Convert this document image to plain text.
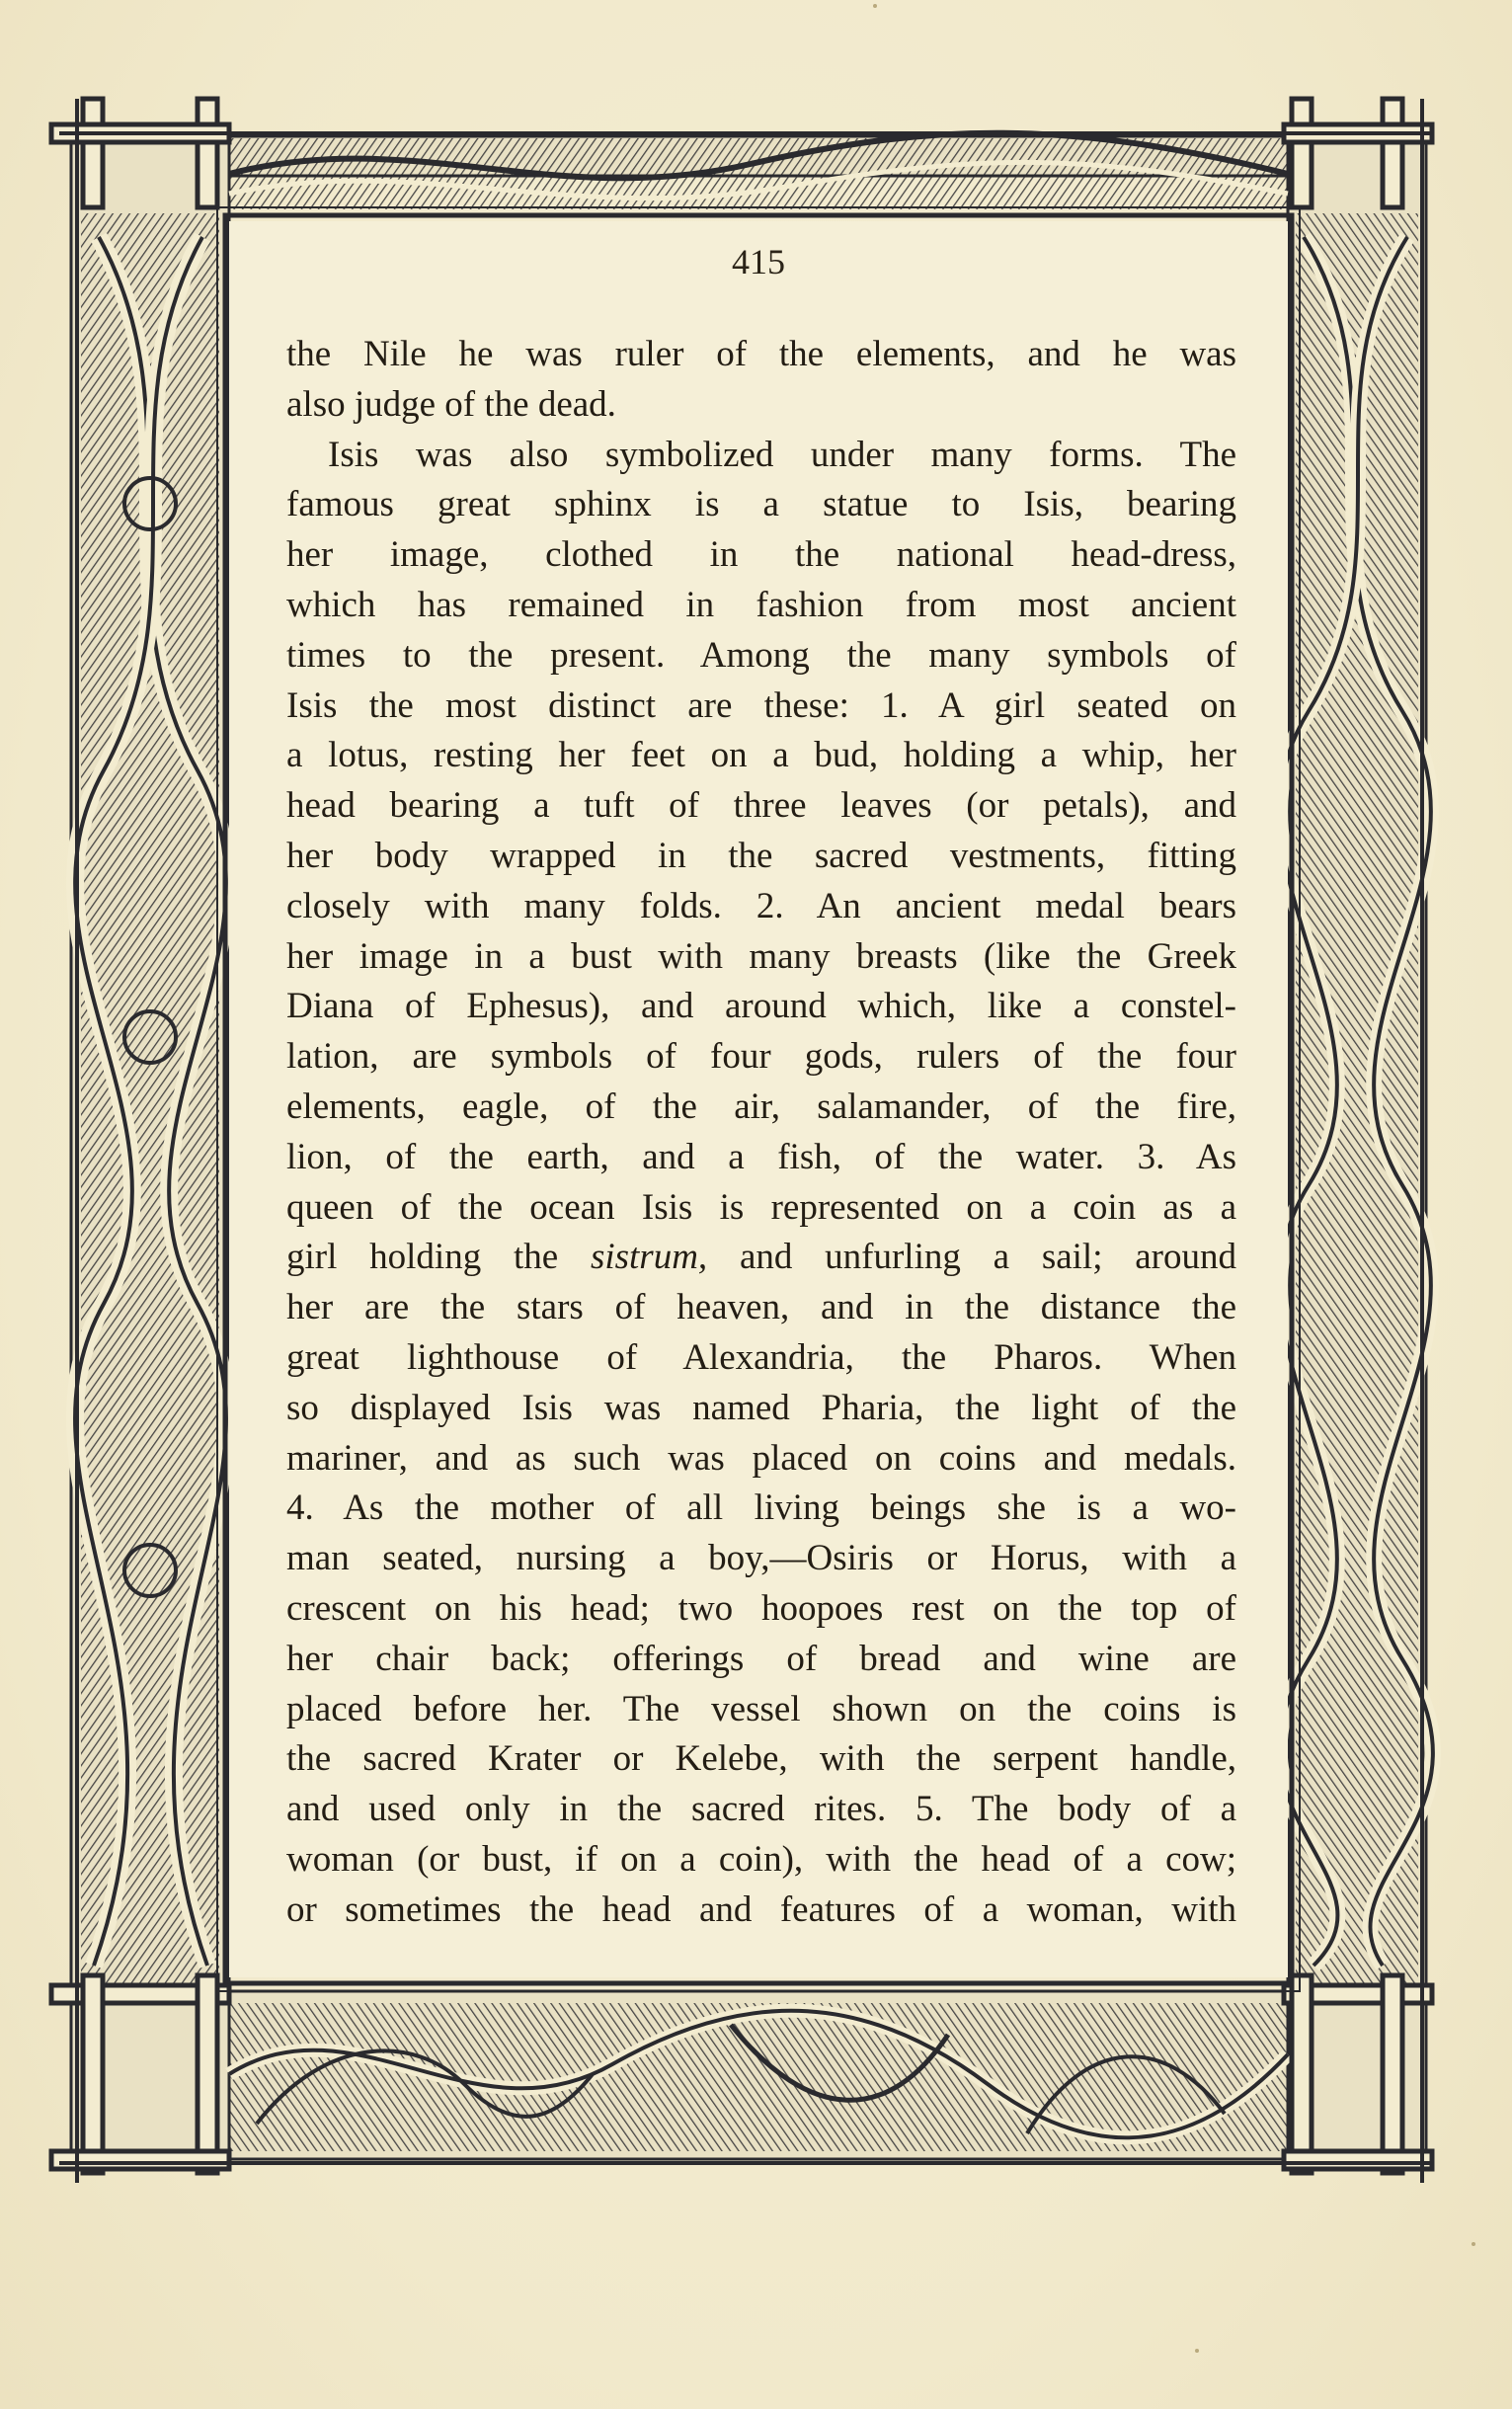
415
the Nile he was ruler of the elements, and he was
also judge of the dead.
Isis was also symbolized under many forms. The
famous great sphinx is a statue to Isis, bearing
her image, clothed in the national head-dress,
which has remained in fashion from most ancient
times to the present. Among the many symbols of
Isis the most distinct are these: 1. A girl seated on
a lotus, resting her feet on a bud, holding a whip, her
head bearing a tuft of three leaves (or petals), and
her body wrapped in the sacred vestments, fitting
closely with many folds. 2. An ancient medal bears
her image in a bust with many breasts (like the Greek
Diana of Ephesus), and around which, like a constel-
lation, are symbols of four gods, rulers of the four
elements, eagle, of the air, salamander, of the fire,
lion, of the earth, and a fish, of the water. 3. As
queen of the ocean Isis is represented on a coin as a
girl holding the sistrum, and unfurling a sail; around
her are the stars of heaven, and in the distance the
great lighthouse of Alexandria, the Pharos. When
so displayed Isis was named Pharia, the light of the
mariner, and as such was placed on coins and medals.
4. As the mother of all living beings she is a wo-
man seated, nursing a boy,—Osiris or Horus, with a
crescent on his head; two hoopoes rest on the top of
her chair back; offerings of bread and wine are
placed before her. The vessel shown on the coins is
the sacred Krater or Kelebe, with the serpent handle,
and used only in the sacred rites. 5. The body of a
woman (or bust, if on a coin), with the head of a cow;
or sometimes the head and features of a woman, with
